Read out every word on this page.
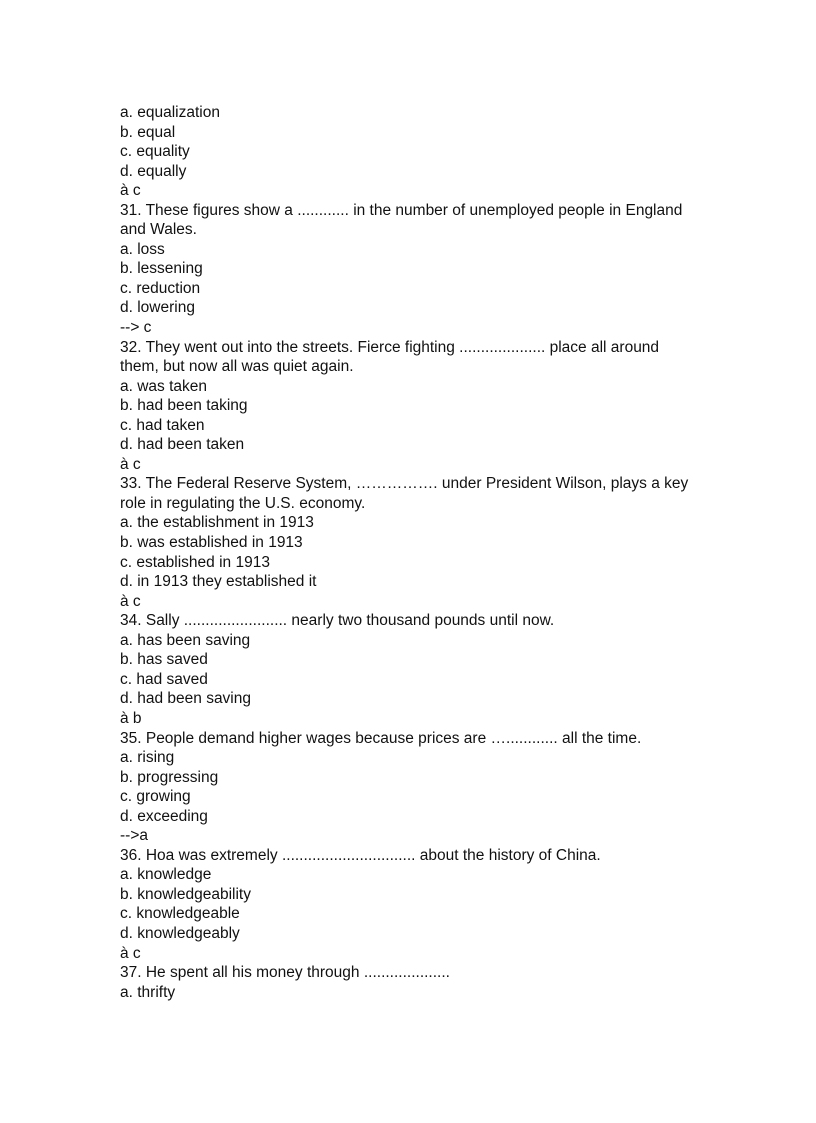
a. equalization

b. equal

c. equality

d. equally

à c

31. These figures show a ............ in the number of unemployed people in England and Wales.

a. loss

b. lessening

c. reduction

d. lowering

--> c

32. They went out into the streets. Fierce fighting .................... place all around them, but now all was quiet again.

a. was taken

b. had been taking

c. had taken

d. had been taken

à c

33. The Federal Reserve System, ……………. under President Wilson, plays a key role in regulating the U.S. economy.

a. the establishment in 1913

b. was established in 1913

c. established in 1913

d. in 1913 they established it

à c

34. Sally ........................ nearly two thousand pounds until now.

a. has been saving

b. has saved

c. had saved

d. had been saving

à b

35. People demand higher wages because prices are …............ all the time.

a. rising

b. progressing

c. growing

d. exceeding

-->a

36. Hoa was extremely ............................... about the history of China.

a. knowledge

b. knowledgeability

c. knowledgeable

d. knowledgeably

à c

37. He spent all his money through ....................

a. thrifty
